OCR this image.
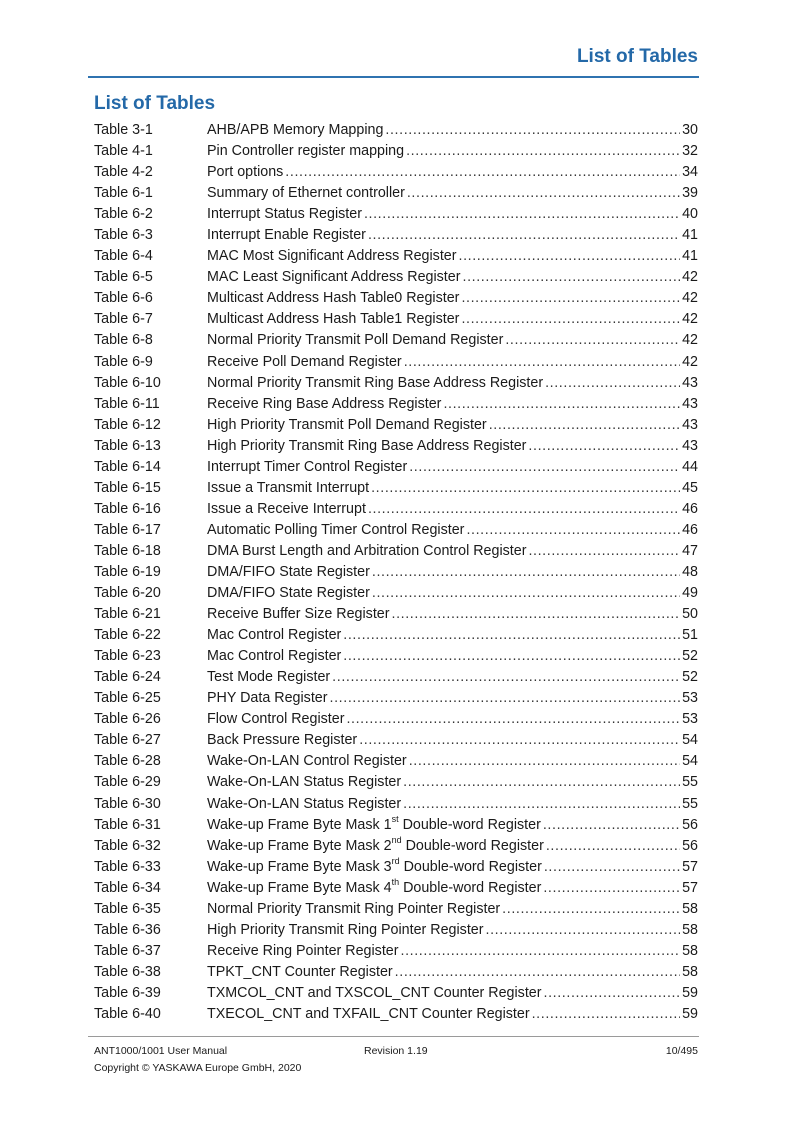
List of Tables
List of Tables
Table 3-1	AHB/APB Memory Mapping .....	30
Table 4-1	Pin Controller register mapping .....	32
Table 4-2	Port options .....	34
Table 6-1	Summary of Ethernet controller .....	39
Table 6-2	Interrupt Status Register .....	40
Table 6-3	Interrupt Enable Register .....	41
Table 6-4	MAC Most Significant Address Register .....	41
Table 6-5	MAC Least Significant Address Register .....	42
Table 6-6	Multicast Address Hash Table0 Register .....	42
Table 6-7	Multicast Address Hash Table1 Register .....	42
Table 6-8	Normal Priority Transmit Poll Demand Register .....	42
Table 6-9	Receive Poll Demand Register .....	42
Table 6-10	Normal Priority Transmit Ring Base Address Register .....	43
Table 6-11	Receive Ring Base Address Register .....	43
Table 6-12	High Priority Transmit Poll Demand Register .....	43
Table 6-13	High Priority Transmit Ring Base Address Register .....	43
Table 6-14	Interrupt Timer Control Register .....	44
Table 6-15	Issue a Transmit Interrupt .....	45
Table 6-16	Issue a Receive Interrupt .....	46
Table 6-17	Automatic Polling Timer Control Register .....	46
Table 6-18	DMA Burst Length and Arbitration Control Register .....	47
Table 6-19	DMA/FIFO State Register .....	48
Table 6-20	DMA/FIFO State Register .....	49
Table 6-21	Receive Buffer Size Register .....	50
Table 6-22	Mac Control Register .....	51
Table 6-23	Mac Control Register .....	52
Table 6-24	Test Mode Register .....	52
Table 6-25	PHY Data Register .....	53
Table 6-26	Flow Control Register .....	53
Table 6-27	Back Pressure Register .....	54
Table 6-28	Wake-On-LAN Control Register .....	54
Table 6-29	Wake-On-LAN Status Register .....	55
Table 6-30	Wake-On-LAN Status Register .....	55
Table 6-31	Wake-up Frame Byte Mask 1st Double-word Register .....	56
Table 6-32	Wake-up Frame Byte Mask 2nd Double-word Register .....	56
Table 6-33	Wake-up Frame Byte Mask 3rd Double-word Register .....	57
Table 6-34	Wake-up Frame Byte Mask 4th Double-word Register .....	57
Table 6-35	Normal Priority Transmit Ring Pointer Register .....	58
Table 6-36	High Priority Transmit Ring Pointer Register .....	58
Table 6-37	Receive Ring Pointer Register .....	58
Table 6-38	TPKT_CNT Counter Register .....	58
Table 6-39	TXMCOL_CNT and TXSCOL_CNT Counter Register .....	59
Table 6-40	TXECOL_CNT and TXFAIL_CNT Counter Register .....	59
ANT1000/1001 User Manual
Copyright © YASKAWA Europe GmbH, 2020
Revision 1.19	10/495
